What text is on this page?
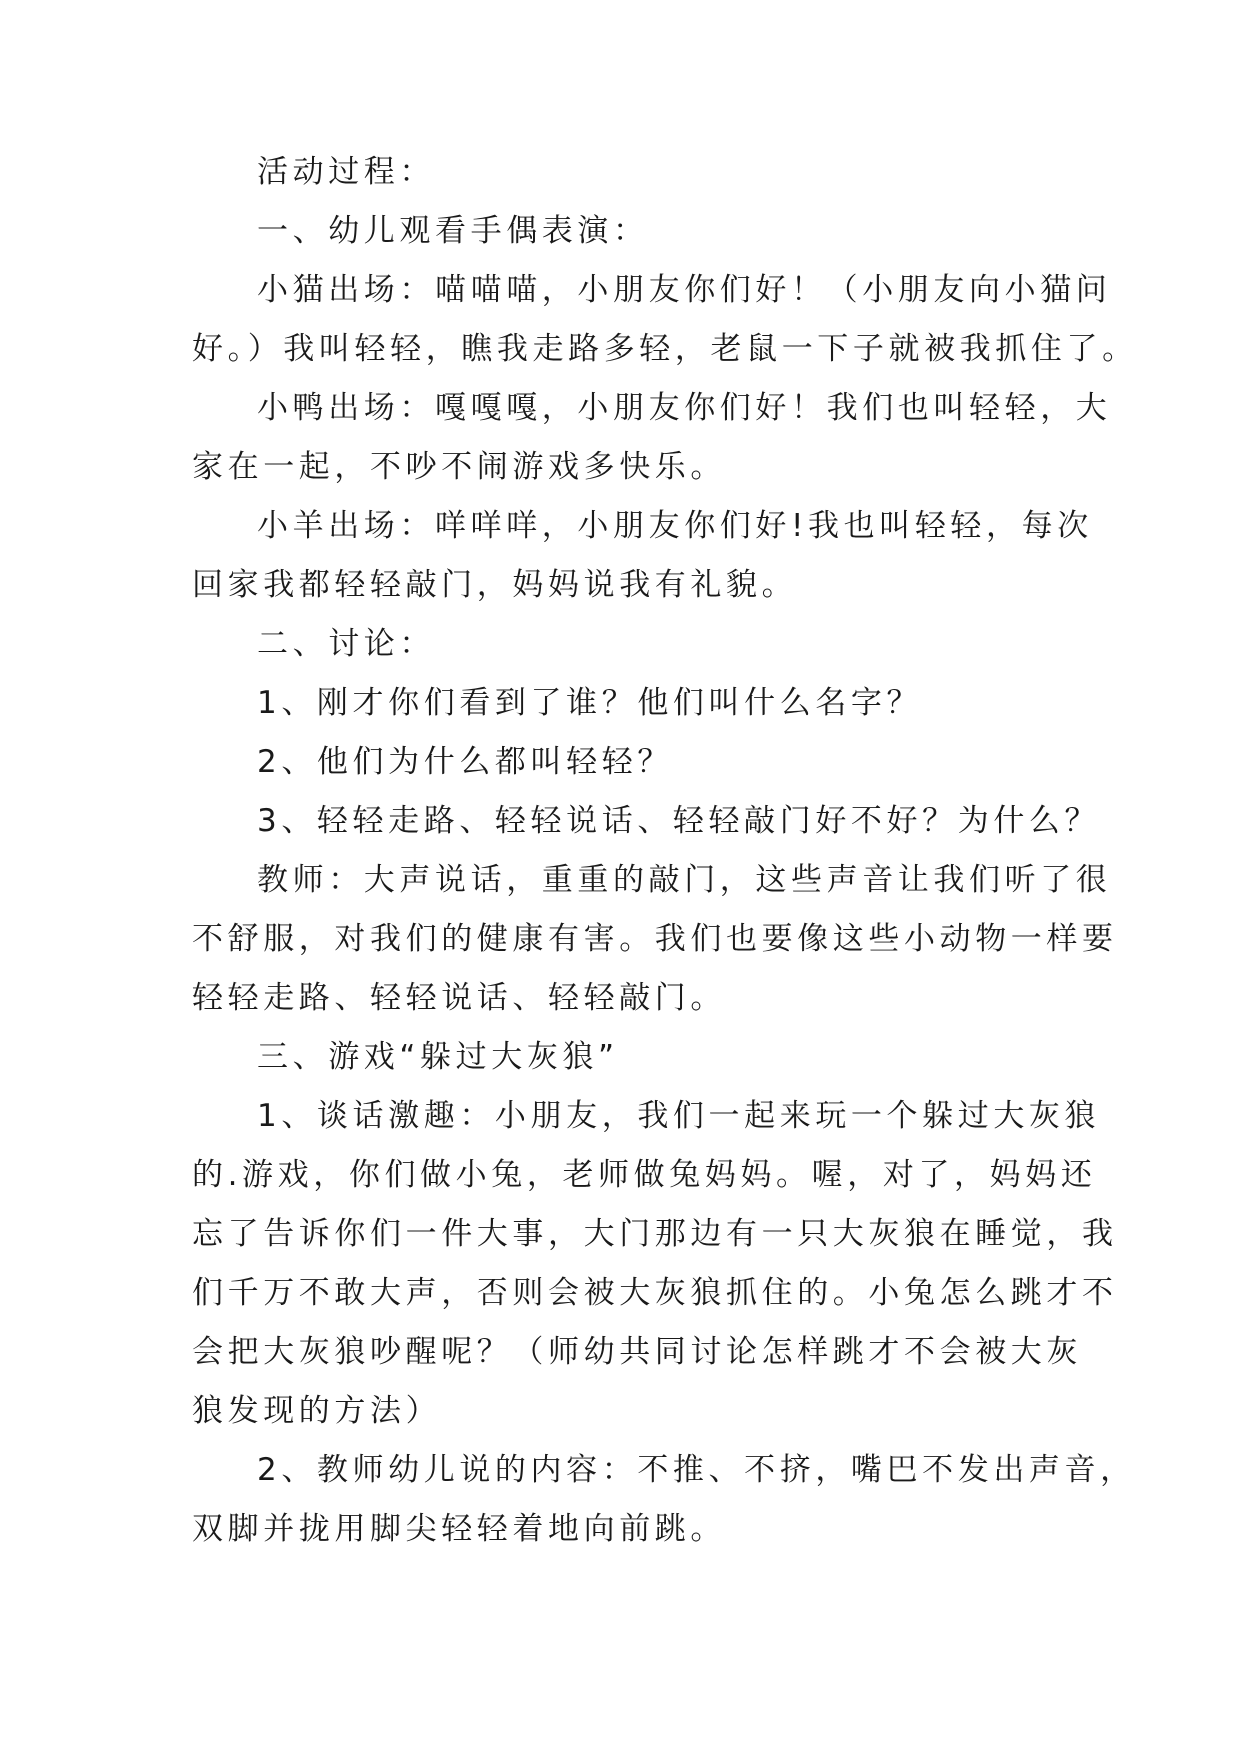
活动过程：
一、幼儿观看手偶表演：
小猫出场：喵喵喵，小朋友你们好！（小朋友向小猫问
好。）我叫轻轻，瞧我走路多轻，老鼠一下子就被我抓住了。
小鸭出场：嘎嘎嘎，小朋友你们好！我们也叫轻轻，大
家在一起，不吵不闹游戏多快乐。
小羊出场：咩咩咩，小朋友你们好!我也叫轻轻，每次
回家我都轻轻敲门，妈妈说我有礼貌。
二、讨论：
1、刚才你们看到了谁？他们叫什么名字？
2、他们为什么都叫轻轻？
3、轻轻走路、轻轻说话、轻轻敲门好不好？为什么？
教师：大声说话，重重的敲门，这些声音让我们听了很
不舒服，对我们的健康有害。我们也要像这些小动物一样要
轻轻走路、轻轻说话、轻轻敲门。
三、游戏“躲过大灰狼”
1、谈话激趣：小朋友，我们一起来玩一个躲过大灰狼
的.游戏，你们做小兔，老师做兔妈妈。喔，对了，妈妈还
忘了告诉你们一件大事，大门那边有一只大灰狼在睡觉，我
们千万不敢大声，否则会被大灰狼抓住的。小兔怎么跳才不
会把大灰狼吵醒呢？（师幼共同讨论怎样跳才不会被大灰
狼发现的方法）
2、教师幼儿说的内容：不推、不挤，嘴巴不发出声音，
双脚并拢用脚尖轻轻着地向前跳。
